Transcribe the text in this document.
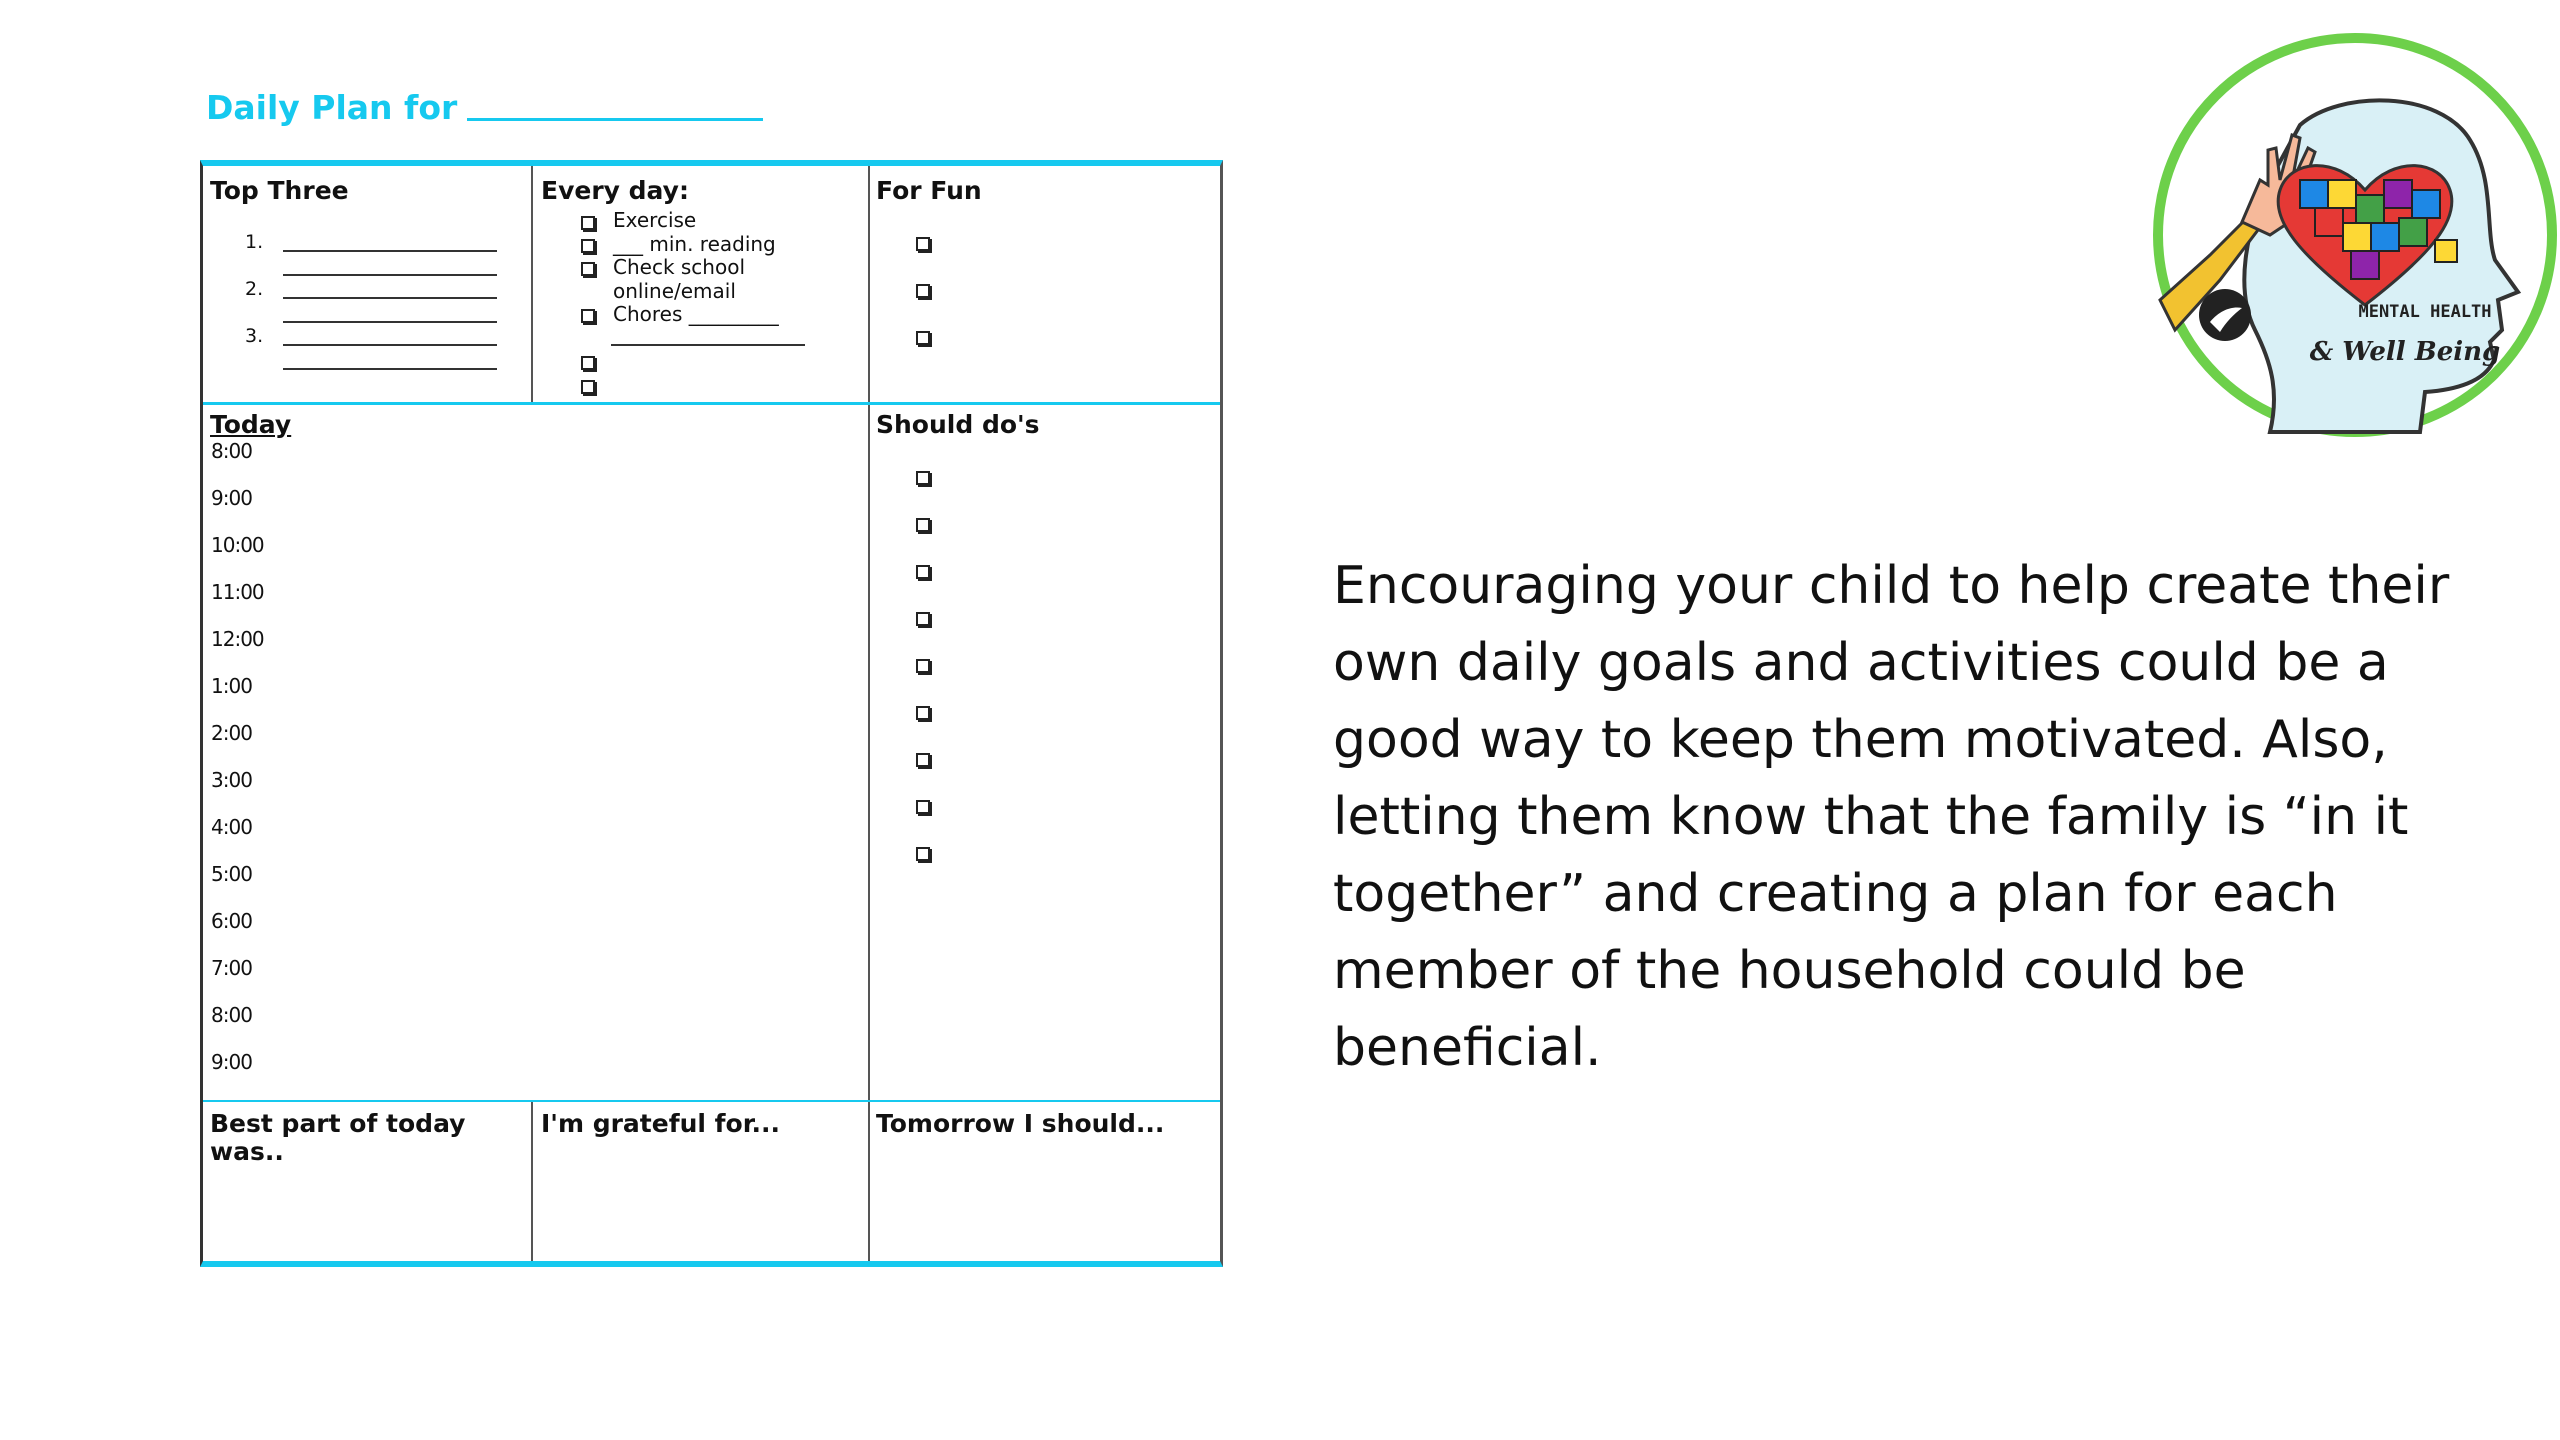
Daily Plan for
Top Three
1.
2.
3.
Every day:
Exercise
___ min. reading
Check school
online/email
Chores _________
For Fun
Today
8:00
9:00
10:00
11:00
12:00
1:00
2:00
3:00
4:00
5:00
6:00
7:00
8:00
9:00
Should do's
Best part of today
was..
I'm grateful for...	Tomorrow I should...
Encouraging your child to help create their own daily goals and activities could be a good way to keep them motivated. Also, letting them know that the family is “in it together” and creating a plan for each member of the household could be beneficial.
MENTAL HEALTH
& Well Being
